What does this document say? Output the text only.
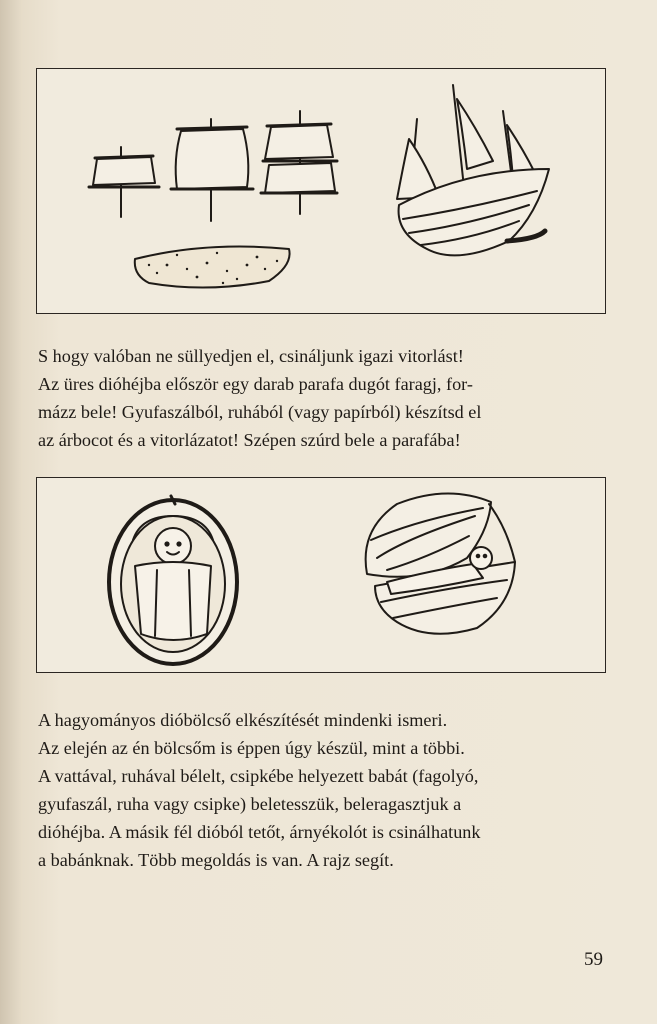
S hogy valóban ne süllyedjen el, csináljunk igazi vitorlást!
Az üres dióhéjba először egy darab parafa dugót faragj, for-
mázz bele! Gyufaszálból, ruhából (vagy papírból) készítsd el
az árbocot és a vitorlázatot! Szépen szúrd bele a parafába!

A hagyományos dióbölcső elkészítését mindenki ismeri.
Az elején az én bölcsőm is éppen úgy készül, mint a többi.
A vattával, ruhával bélelt, csipkébe helyezett babát (fagolyó,
gyufaszál, ruha vagy csipke) beletesszük, beleragasztjuk a
dióhéjba. A másik fél dióból tetőt, árnyékolót is csinálhatunk
a babánknak. Több megoldás is van. A rajz segít.

59
